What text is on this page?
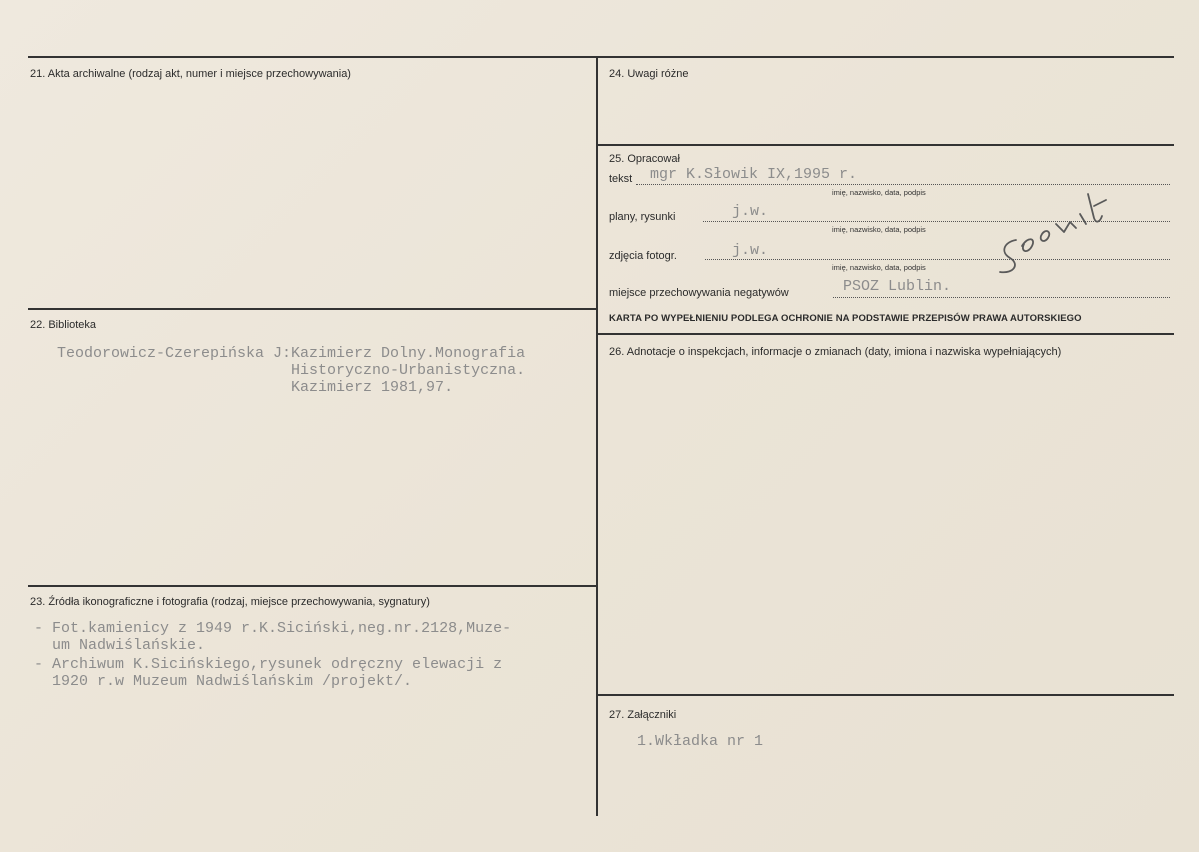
21. Akta archiwalne (rodzaj akt, numer i miejsce przechowywania)
22. Biblioteka
Teodorowicz-Czerepińska J:Kazimierz Dolny.Monografia
Historyczno-Urbanistyczna.
Kazimierz 1981,97.
23. Źródła ikonograficzne i fotografia (rodzaj, miejsce przechowywania, sygnatury)
- Fot.kamienicy z 1949 r.K.Siciński,neg.nr.2128,Muze-
um Nadwiślańskie.
- Archiwum K.Sicińskiego,rysunek odręczny elewacji z
1920 r.w Muzeum Nadwiślańskim /projekt/.
24. Uwagi różne
25. Opracował
tekst mgr K.Słowik IX,1995 r.
imię, nazwisko, data, podpis
plany, rysunki	j.w.
imię, nazwisko, data, podpis
zdjęcia fotogr.	j.w.
imię, nazwisko, data, podpis
miejsce przechowywania negatywów	PSOZ Lublin.
KARTA PO WYPEŁNIENIU PODLEGA OCHRONIE NA PODSTAWIE PRZEPISÓW PRAWA AUTORSKIEGO
26. Adnotacje o inspekcjach, informacje o zmianach (daty, imiona i nazwiska wypełniających)
27. Załączniki
1.Wkładka nr 1
